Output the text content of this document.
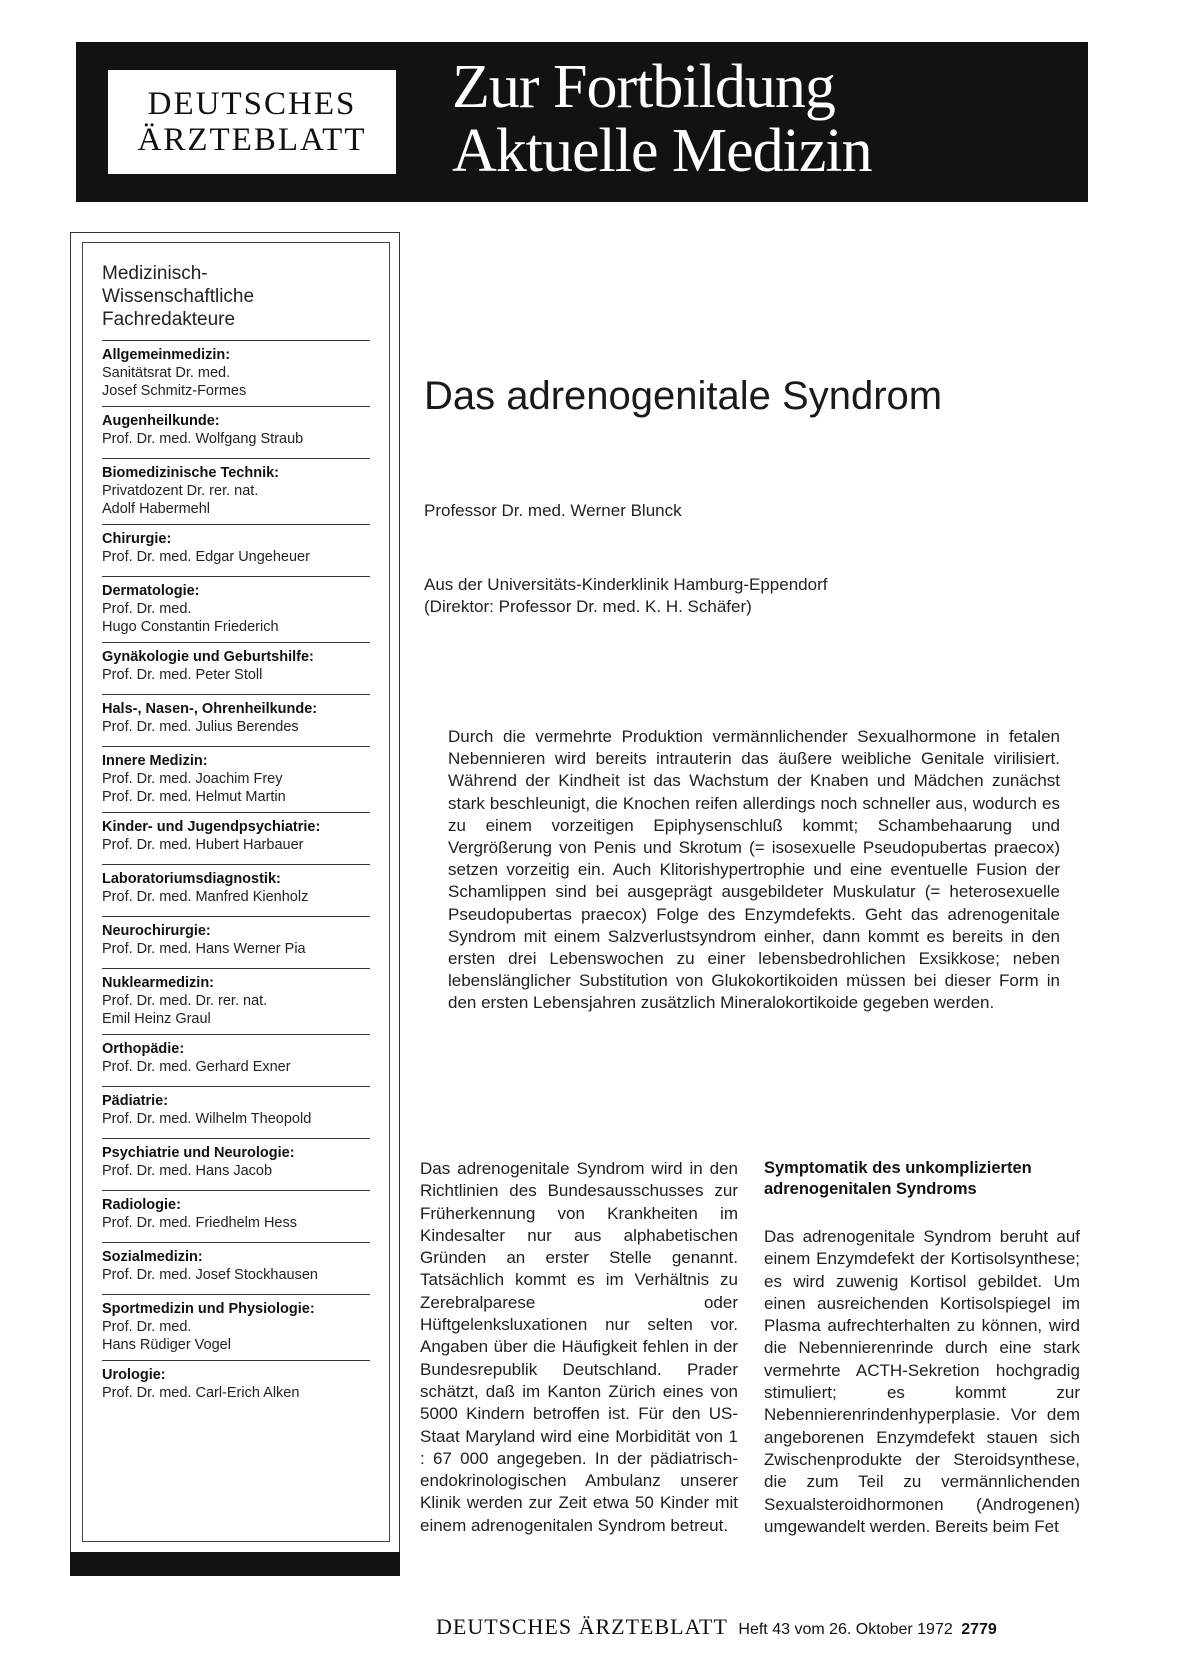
DEUTSCHES
ÄRZTEBLATT
Zur Fortbildung
Aktuelle Medizin
Medizinisch-
Wissenschaftliche
Fachredakteure
Allgemeinmedizin:
Sanitätsrat Dr. med.
Josef Schmitz-Formes
Augenheilkunde:
Prof. Dr. med. Wolfgang Straub
Biomedizinische Technik:
Privatdozent Dr. rer. nat.
Adolf Habermehl
Chirurgie:
Prof. Dr. med. Edgar Ungeheuer
Dermatologie:
Prof. Dr. med.
Hugo Constantin Friederich
Gynäkologie und Geburtshilfe:
Prof. Dr. med. Peter Stoll
Hals-, Nasen-, Ohrenheilkunde:
Prof. Dr. med. Julius Berendes
Innere Medizin:
Prof. Dr. med. Joachim Frey
Prof. Dr. med. Helmut Martin
Kinder- und Jugendpsychiatrie:
Prof. Dr. med. Hubert Harbauer
Laboratoriumsdiagnostik:
Prof. Dr. med. Manfred Kienholz
Neurochirurgie:
Prof. Dr. med. Hans Werner Pia
Nuklearmedizin:
Prof. Dr. med. Dr. rer. nat.
Emil Heinz Graul
Orthopädie:
Prof. Dr. med. Gerhard Exner
Pädiatrie:
Prof. Dr. med. Wilhelm Theopold
Psychiatrie und Neurologie:
Prof. Dr. med. Hans Jacob
Radiologie:
Prof. Dr. med. Friedhelm Hess
Sozialmedizin:
Prof. Dr. med. Josef Stockhausen
Sportmedizin und Physiologie:
Prof. Dr. med.
Hans Rüdiger Vogel
Urologie:
Prof. Dr. med. Carl-Erich Alken
Das adrenogenitale Syndrom
Professor Dr. med. Werner Blunck
Aus der Universitäts-Kinderklinik Hamburg-Eppendorf
(Direktor: Professor Dr. med. K. H. Schäfer)

Durch die vermehrte Produktion vermännlichender Sexualhormone in fetalen Nebennieren wird bereits intrauterin das äußere weibliche Genitale virilisiert. Während der Kindheit ist das Wachstum der Knaben und Mädchen zunächst stark beschleunigt, die Knochen reifen allerdings noch schneller aus, wodurch es zu einem vorzeitigen Epiphysenschluß kommt; Schambehaarung und Vergrößerung von Penis und Skrotum (= isosexuelle Pseudopubertas praecox) setzen vorzeitig ein. Auch Klitorishypertrophie und eine eventuelle Fusion der Schamlippen sind bei ausgeprägt ausgebildeter Muskulatur (= heterosexuelle Pseudopubertas praecox) Folge des Enzymdefekts. Geht das adrenogenitale Syndrom mit einem Salzverlustsyndrom einher, dann kommt es bereits in den ersten drei Lebenswochen zu einer lebensbedrohlichen Exsikkose; neben lebenslänglicher Substitution von Glukokortikoiden müssen bei dieser Form in den ersten Lebensjahren zusätzlich Mineralokortikoide gegeben werden.

Das adrenogenitale Syndrom wird in den Richtlinien des Bundesausschusses zur Früherkennung von Krankheiten im Kindesalter nur aus alphabetischen Gründen an erster Stelle genannt. Tatsächlich kommt es im Verhältnis zu Zerebralparese oder Hüftgelenksluxationen nur selten vor. Angaben über die Häufigkeit fehlen in der Bundesrepublik Deutschland. Prader schätzt, daß im Kanton Zürich eines von 5000 Kindern betroffen ist. Für den US-Staat Maryland wird eine Morbidität von 1 : 67 000 angegeben. In der pädiatrisch-endokrinologischen Ambulanz unserer Klinik werden zur Zeit etwa 50 Kinder mit einem adrenogenitalen Syndrom betreut.

Symptomatik des unkomplizierten adrenogenitalen Syndroms

Das adrenogenitale Syndrom beruht auf einem Enzymdefekt der Kortisolsynthese; es wird zuwenig Kortisol gebildet. Um einen ausreichenden Kortisolspiegel im Plasma aufrechterhalten zu können, wird die Nebennierenrinde durch eine stark vermehrte ACTH-Sekretion hochgradig stimuliert; es kommt zur Nebennierenrindenhyperplasie. Vor dem angeborenen Enzymdefekt stauen sich Zwischenprodukte der Steroidsynthese, die zum Teil zu vermännlichenden Sexualsteroidhormonen (Androgenen) umgewandelt werden. Bereits beim Fet

DEUTSCHES ÄRZTEBLATT Heft 43 vom 26. Oktober 1972 2779
